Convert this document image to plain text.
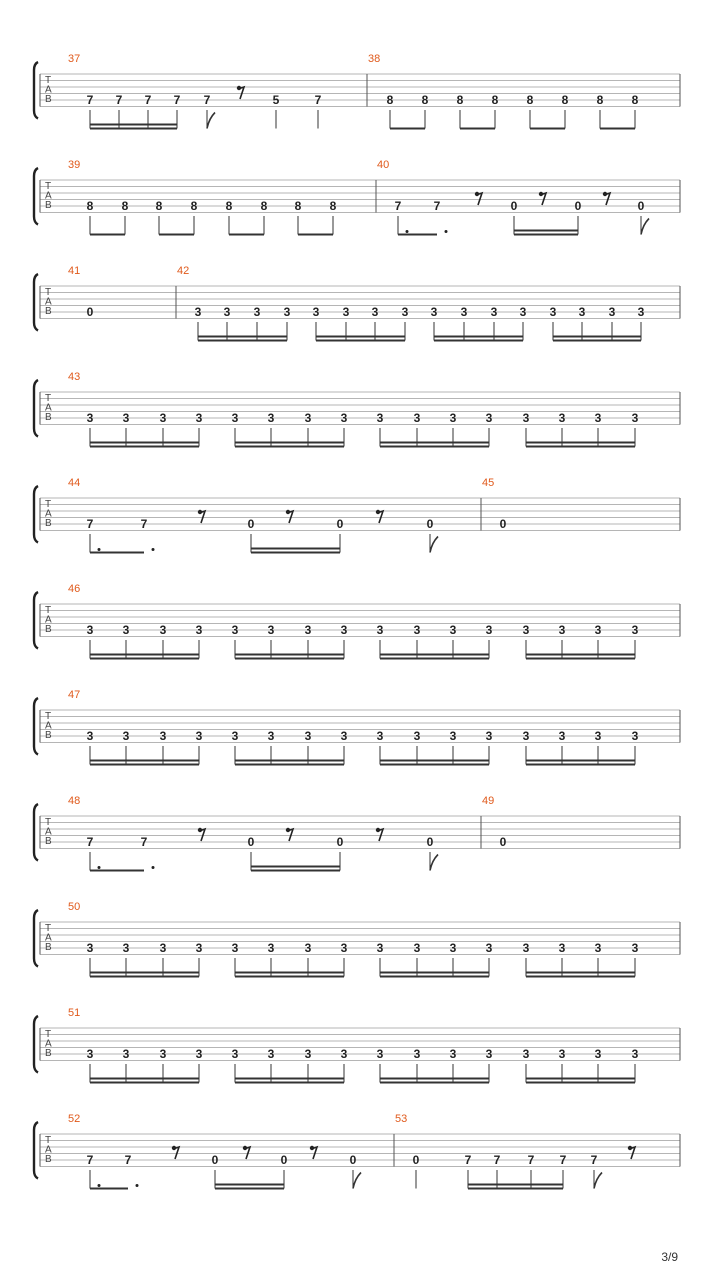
T
A
B
37
7 7 7 7 7	5	7
38
8 8 8 8 8 8 8 8
T
A
B
39
8 8 8 8 8 8 8 8
40
7	7	0	0	0
T
A
B
41
0
42
3 3 3 3 3 3 3 3 3 3 3 3 3 3 3 3
T
A
B
43
3 3	3 3 3 3	3 3 3	3 3 3	3 3 3	3
T
A
B
44
7	7	0	0	0
45
0
T
A
B
46
3 3	3 3 3 3	3 3 3	3 3 3	3 3 3	3
T
A
B
47
3 3	3 3 3 3	3 3 3	3 3 3	3 3 3	3
T
A
B
48
7	7	0	0	0
49
0
T
A
B
50
3 3	3 3 3 3	3 3 3	3 3 3	3 3 3	3
T
A
B
51
3 3	3 3 3 3	3 3 3	3 3 3	3 3 3	3
T
A
B
52
7	7	0	0	0
53
0	7 7 7 7 7
3/9
